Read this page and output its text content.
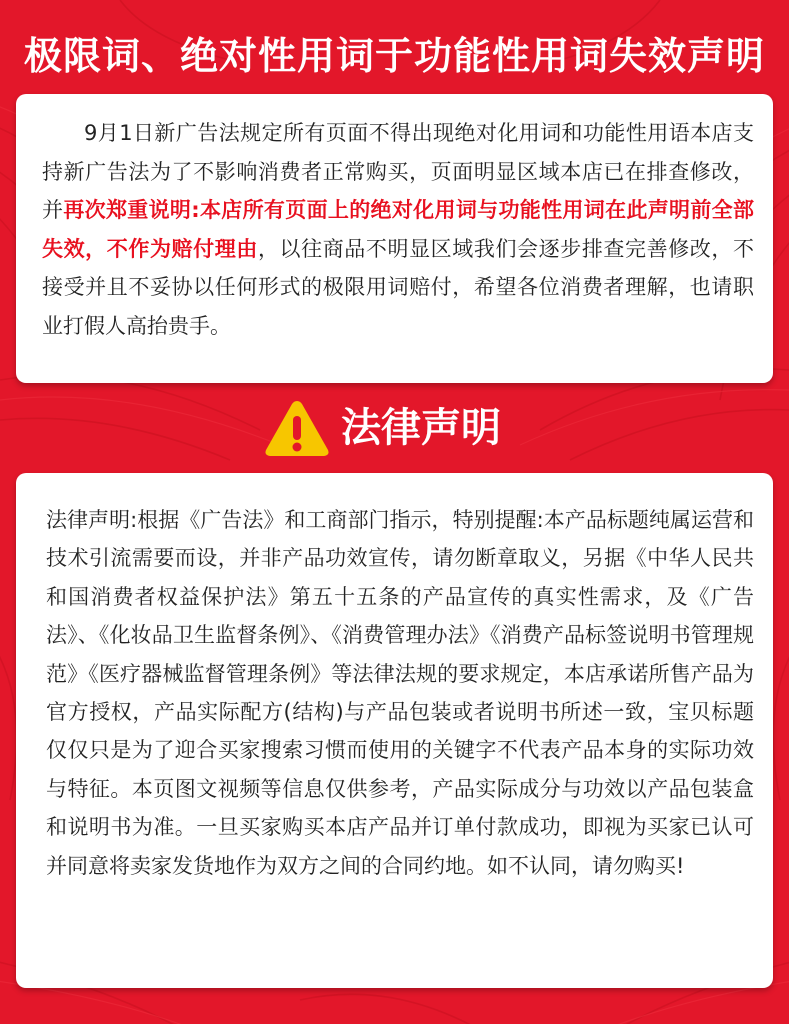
极限词、绝对性用词于功能性用词失效声明
9月1日新广告法规定所有页面不得出现绝对化用词和功能性用语本店支持新广告法为了不影响消费者正常购买，页面明显区域本店已在排查修改，并再次郑重说明:本店所有页面上的绝对化用词与功能性用词在此声明前全部失效，不作为赔付理由，以往商品不明显区域我们会逐步排查完善修改，不接受并且不妥协以任何形式的极限用词赔付，希望各位消费者理解，也请职业打假人高抬贵手。
法律声明
法律声明:根据《广告法》和工商部门指示，特别提醒:本产品标题纯属运营和技术引流需要而设，并非产品功效宣传，请勿断章取义，另据《中华人民共和国消费者权益保护法》第五十五条的产品宣传的真实性需求，及《广告法》、《化妆品卫生监督条例》、《消费管理办法》《消费产品标签说明书管理规范》《医疗器械监督管理条例》等法律法规的要求规定，本店承诺所售产品为官方授权，产品实际配方(结构)与产品包装或者说明书所述一致，宝贝标题仅仅只是为了迎合买家搜索习惯而使用的关键字不代表产品本身的实际功效与特征。本页图文视频等信息仅供参考，产品实际成分与功效以产品包装盒和说明书为准。一旦买家购买本店产品并订单付款成功，即视为买家已认可并同意将卖家发货地作为双方之间的合同约地。如不认同，请勿购买!
